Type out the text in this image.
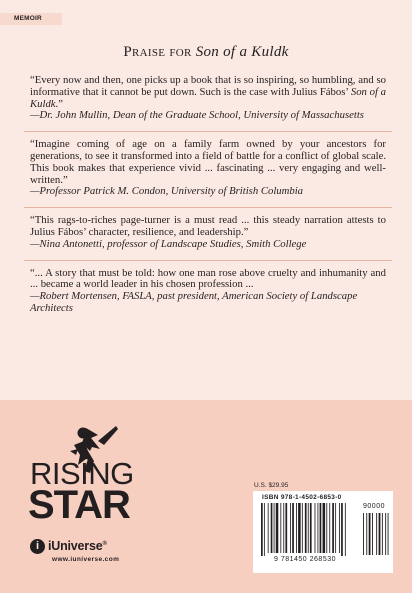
MEMOIR
Praise for Son of a Kuldk
“Every now and then, one picks up a book that is so inspiring, so humbling, and so informative that it cannot be put down. Such is the case with Julius Fábos’ Son of a Kuldk.”
—Dr. John Mullin, Dean of the Graduate School, University of Massachusetts
“Imagine coming of age on a family farm owned by your ancestors for generations, to see it transformed into a field of battle for a conflict of global scale. This book makes that experience vivid ... fascinating ... very engaging and well-written.”
—Professor Patrick M. Condon, University of British Columbia
“This rags-to-riches page-turner is a must read ... this steady narration attests to Julius Fábos’ character, resilience, and leadership.”
—Nina Antonetti, professor of Landscape Studies, Smith College
“... A story that must be told: how one man rose above cruelty and inhumanity and ... became a world leader in his chosen profession ...
—Robert Mortensen, FASLA, past president, American Society of Landscape Architects
RISING
STAR
i iUniverse®
www.iuniverse.com
U.S. $29.95
ISBN 978-1-4502-6853-0
9 781450 268530
90000
